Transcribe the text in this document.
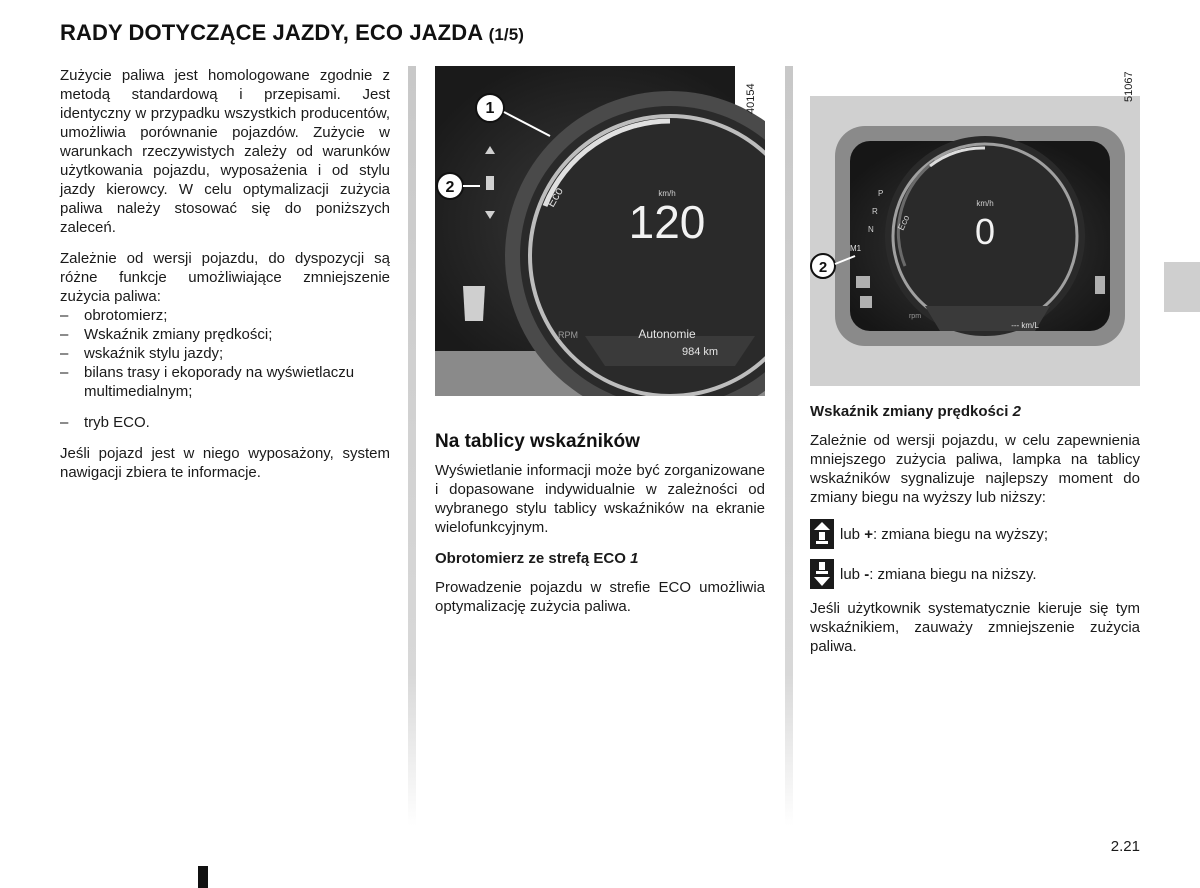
RADY DOTYCZĄCE JAZDY, ECO JAZDA (1/5)

Zużycie paliwa jest homologowane zgodnie z metodą standardową i przepisami. Jest identyczny w przypadku wszystkich producentów, umożliwia porównanie pojazdów. Zużycie w warunkach rzeczywistych zależy od warunków użytkowania pojazdu, wyposażenia i od stylu jazdy kierowcy. W celu optymalizacji zużycia paliwa należy stosować się do poniższych zaleceń.

Zależnie od wersji pojazdu, do dyspozycji są różne funkcje umożliwiające zmniejszenie zużycia paliwa:

– obrotomierz;
– Wskaźnik zmiany prędkości;
– wskaźnik stylu jazdy;
– bilans trasy i ekoporady na wyświetlaczu multimedialnym;
– tryb ECO.

Jeśli pojazd jest w niego wyposażony, system nawigacji zbiera te informacje.

40154
1
2	Eco	km/h
120
RPM	Autonomie
984 km
Na tablicy wskaźników

Wyświetlanie informacji może być zorganizowane i dopasowane indywidualnie w zależności od wybranego stylu tablicy wskaźników na ekranie wielofunkcyjnym.

Obrotomierz ze strefą ECO 1

Prowadzenie pojazdu w strefie ECO umożliwia optymalizację zużycia paliwa.

51067
2
P
R
N
M1
Eco
km/h
0
rpm
--- km/L
Wskaźnik zmiany prędkości 2

Zależnie od wersji pojazdu, w celu zapewnienia mniejszego zużycia paliwa, lampka na tablicy wskaźników sygnalizuje najlepszy moment do zmiany biegu na wyższy lub niższy:

lub +: zmiana biegu na wyższy;
lub -: zmiana biegu na niższy.

Jeśli użytkownik systematycznie kieruje się tym wskaźnikiem, zauważy zmniejszenie zużycia paliwa.

2.21
